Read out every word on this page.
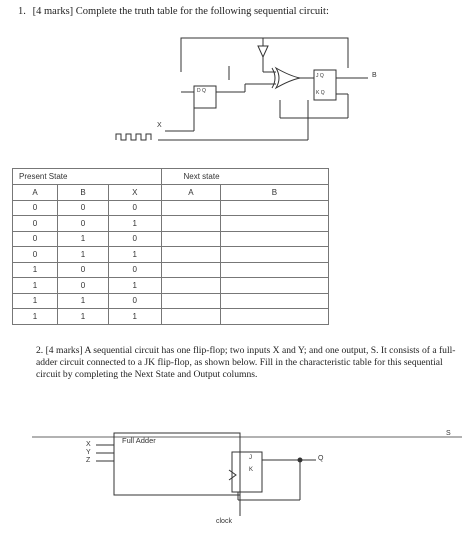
1. [4 marks] Complete the truth table for the following sequential circuit:
X
B
D Q
J Q
K Q
Present State			Next state	
A	B	X	A	B
0	0	0		
0	0	1		
0	1	0		
0	1	1		
1	0	0		
1	0	1		
1	1	0		
1	1	1		
2. [4 marks] A sequential circuit has one flip-flop; two inputs X and Y; and one output, S. It consists of a full-adder circuit connected to a JK flip-flop, as shown below. Fill in the characteristic table for this sequential circuit by completing the Next State and Output columns.
Full Adder
X
Y
Z
S
Q
J
K
clock
